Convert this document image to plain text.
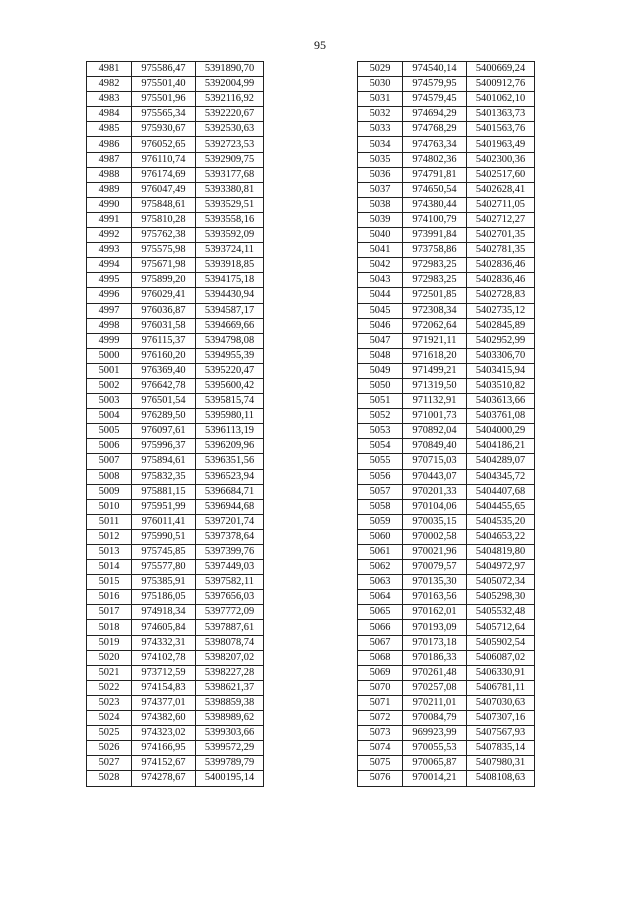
95
4981	975586,47	5391890,70
4982	975501,40	5392004,99
4983	975501,96	5392116,92
4984	975565,34	5392220,67
4985	975930,67	5392530,63
4986	976052,65	5392723,53
4987	976110,74	5392909,75
4988	976174,69	5393177,68
4989	976047,49	5393380,81
4990	975848,61	5393529,51
4991	975810,28	5393558,16
4992	975762,38	5393592,09
4993	975575,98	5393724,11
4994	975671,98	5393918,85
4995	975899,20	5394175,18
4996	976029,41	5394430,94
4997	976036,87	5394587,17
4998	976031,58	5394669,66
4999	976115,37	5394798,08
5000	976160,20	5394955,39
5001	976369,40	5395220,47
5002	976642,78	5395600,42
5003	976501,54	5395815,74
5004	976289,50	5395980,11
5005	976097,61	5396113,19
5006	975996,37	5396209,96
5007	975894,61	5396351,56
5008	975832,35	5396523,94
5009	975881,15	5396684,71
5010	975951,99	5396944,68
5011	976011,41	5397201,74
5012	975990,51	5397378,64
5013	975745,85	5397399,76
5014	975577,80	5397449,03
5015	975385,91	5397582,11
5016	975186,05	5397656,03
5017	974918,34	5397772,09
5018	974605,84	5397887,61
5019	974332,31	5398078,74
5020	974102,78	5398207,02
5021	973712,59	5398227,28
5022	974154,83	5398621,37
5023	974377,01	5398859,38
5024	974382,60	5398989,62
5025	974323,02	5399303,66
5026	974166,95	5399572,29
5027	974152,67	5399789,79
5028	974278,67	5400195,14
5029	974540,14	5400669,24
5030	974579,95	5400912,76
5031	974579,45	5401062,10
5032	974694,29	5401363,73
5033	974768,29	5401563,76
5034	974763,34	5401963,49
5035	974802,36	5402300,36
5036	974791,81	5402517,60
5037	974650,54	5402628,41
5038	974380,44	5402711,05
5039	974100,79	5402712,27
5040	973991,84	5402701,35
5041	973758,86	5402781,35
5042	972983,25	5402836,46
5043	972983,25	5402836,46
5044	972501,85	5402728,83
5045	972308,34	5402735,12
5046	972062,64	5402845,89
5047	971921,11	5402952,99
5048	971618,20	5403306,70
5049	971499,21	5403415,94
5050	971319,50	5403510,82
5051	971132,91	5403613,66
5052	971001,73	5403761,08
5053	970892,04	5404000,29
5054	970849,40	5404186,21
5055	970715,03	5404289,07
5056	970443,07	5404345,72
5057	970201,33	5404407,68
5058	970104,06	5404455,65
5059	970035,15	5404535,20
5060	970002,58	5404653,22
5061	970021,96	5404819,80
5062	970079,57	5404972,97
5063	970135,30	5405072,34
5064	970163,56	5405298,30
5065	970162,01	5405532,48
5066	970193,09	5405712,64
5067	970173,18	5405902,54
5068	970186,33	5406087,02
5069	970261,48	5406330,91
5070	970257,08	5406781,11
5071	970211,01	5407030,63
5072	970084,79	5407307,16
5073	969923,99	5407567,93
5074	970055,53	5407835,14
5075	970065,87	5407980,31
5076	970014,21	5408108,63
